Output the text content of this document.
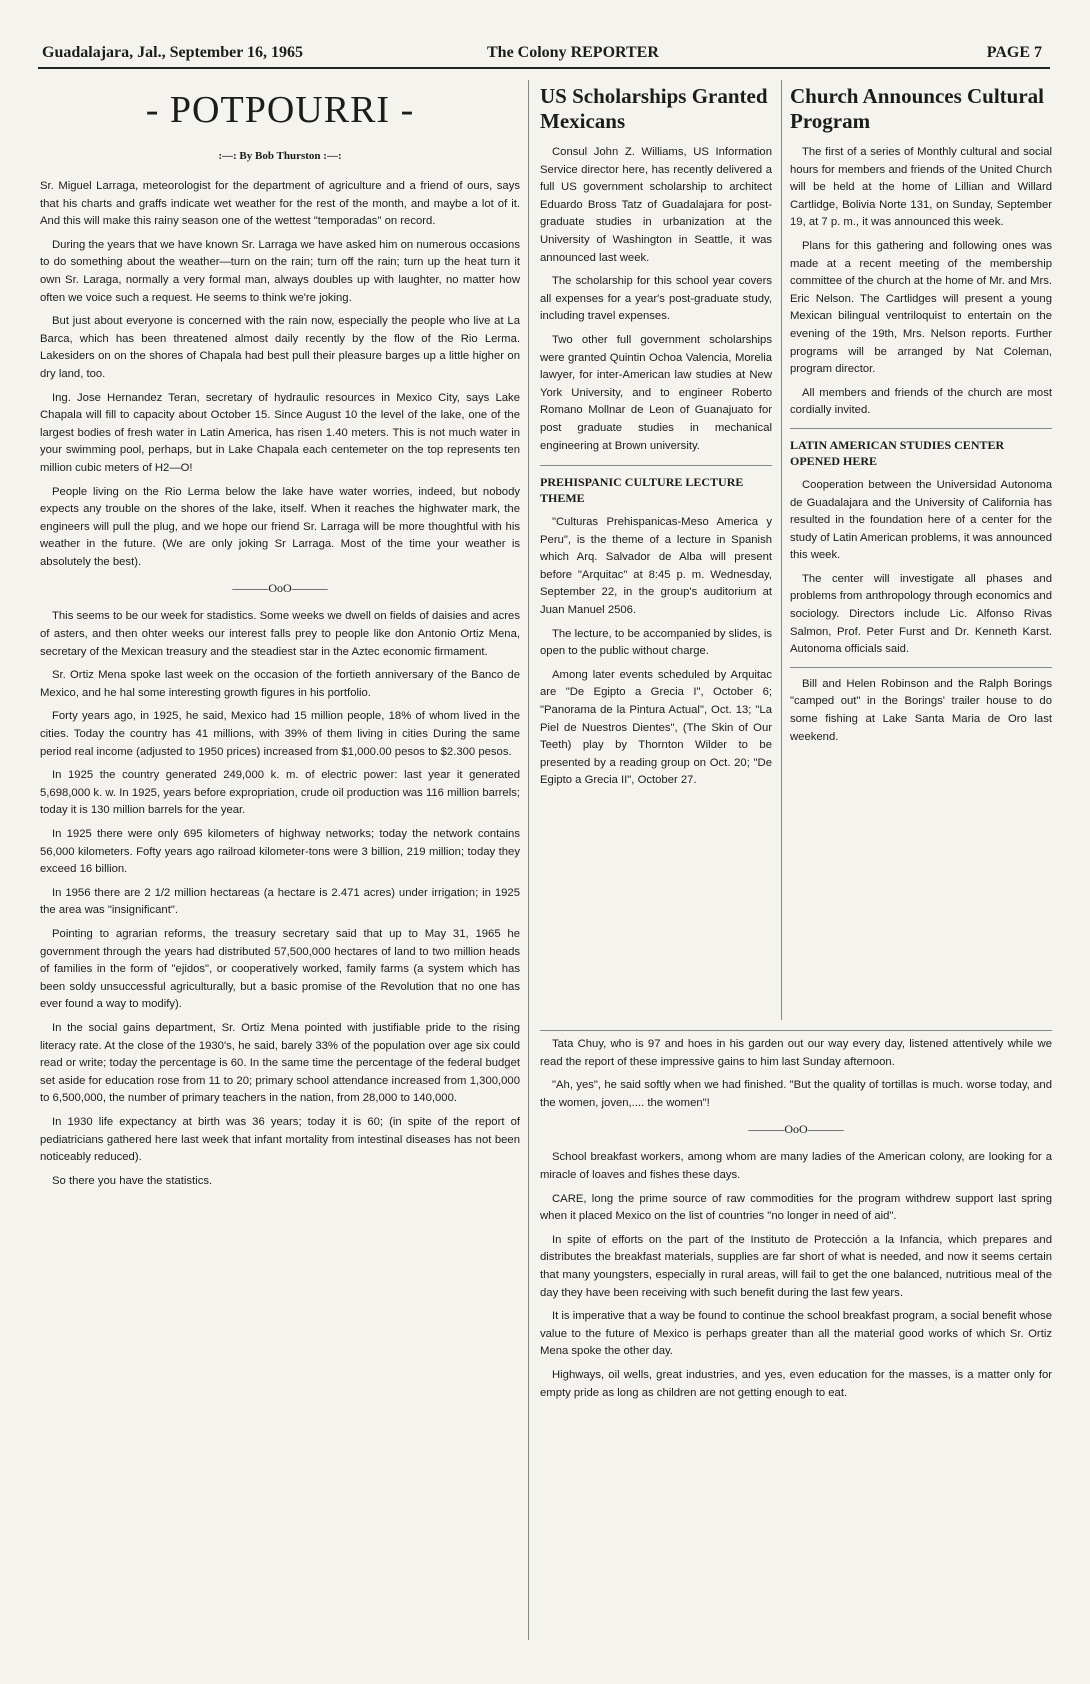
Guadalajara, Jal., September 16, 1965	The Colony REPORTER	PAGE 7
- POTPOURRI -
:—: By Bob Thurston :—:

Sr. Miguel Larraga, meteorologist for the department of agriculture and a friend of ours, says that his charts and graffs indicate wet weather for the rest of the month, and maybe a lot of it. And this will make this rainy season one of the wettest "temporadas" on record.

During the years that we have known Sr. Larraga we have asked him on numerous occasions to do something about the weather—turn on the rain; turn off the rain; turn up the heat turn it own Sr. Laraga, normally a very formal man, always doubles up with laughter, no matter how often we voice such a request. He seems to think we're joking.

But just about everyone is concerned with the rain now, especially the people who live at La Barca, which has been threatened almost daily recently by the flow of the Rio Lerma. Lakesiders on on the shores of Chapala had best pull their pleasure barges up a little higher on dry land, too.

Ing. Jose Hernandez Teran, secretary of hydraulic resources in Mexico City, says Lake Chapala will fill to capacity about October 15. Since August 10 the level of the lake, one of the largest bodies of fresh water in Latin America, has risen 1.40 meters. This is not much water in your swimming pool, perhaps, but in Lake Chapala each centemeter on the top represents ten million cubic meters of H2—O!

People living on the Rio Lerma below the lake have water worries, indeed, but nobody expects any trouble on the shores of the lake, itself. When it reaches the highwater mark, the engineers will pull the plug, and we hope our friend Sr. Larraga will be more thoughtful with his weather in the future. (We are only joking Sr Larraga. Most of the time your weather is absolutely the best).

———OoO———

This seems to be our week for stadistics. Some weeks we dwell on fields of daisies and acres of asters, and then ohter weeks our interest falls prey to people like don Antonio Ortiz Mena, secretary of the Mexican treasury and the steadiest star in the Aztec economic firmament.

Sr. Ortiz Mena spoke last week on the occasion of the fortieth anniversary of the Banco de Mexico, and he hal some interesting growth figures in his portfolio.

Forty years ago, in 1925, he said, Mexico had 15 million people, 18% of whom lived in the cities. Today the country has 41 millions, with 39% of them living in cities During the same period real income (adjusted to 1950 prices) increased from $1,000.00 pesos to $2.300 pesos.

In 1925 the country generated 249,000 k. m. of electric power: last year it generated 5,698,000 k. w. In 1925, years before expropriation, crude oil production was 116 million barrels; today it is 130 million barrels for the year.

In 1925 there were only 695 kilometers of highway networks; today the network contains 56,000 kilometers. Fofty years ago railroad kilometer-tons were 3 billion, 219 million; today they exceed 16 billion.

In 1956 there are 2 1/2 million hectareas (a hectare is 2.471 acres) under irrigation; in 1925 the area was "insignificant".

Pointing to agrarian reforms, the treasury secretary said that up to May 31, 1965 he government through the years had distributed 57,500,000 hectares of land to two million heads of families in the form of "ejidos", or cooperatively worked, family farms (a system which has been soldy unsuccessful agriculturally, but a basic promise of the Revolution that no one has ever found a way to modify).

In the social gains department, Sr. Ortiz Mena pointed with justifiable pride to the rising literacy rate. At the close of the 1930's, he said, barely 33% of the population over age six could read or write; today the percentage is 60. In the same time the percentage of the federal budget set aside for education rose from 11 to 20; primary school attendance increased from 1,300,000 to 6,500,000, the number of primary teachers in the nation, from 28,000 to 140,000.

In 1930 life expectancy at birth was 36 years; today it is 60; (in spite of the report of pediatricians gathered here last week that infant mortality from intestinal diseases has not been noticeably reduced).

So there you have the statistics.

US Scholarships Granted Mexicans

Consul John Z. Williams, US Information Service director here, has recently delivered a full US government scholarship to architect Eduardo Bross Tatz of Guadalajara for post-graduate studies in urbanization at the University of Washington in Seattle, it was announced last week.

The scholarship for this school year covers all expenses for a year's post-graduate study, including travel expenses.

Two other full government scholarships were granted Quintin Ochoa Valencia, Morelia lawyer, for inter-American law studies at New York University, and to engineer Roberto Romano Mollnar de Leon of Guanajuato for post graduate studies in mechanical engineering at Brown university.

PREHISPANIC CULTURE LECTURE THEME

"Culturas Prehispanicas-Meso America y Peru", is the theme of a lecture in Spanish which Arq. Salvador de Alba will present before "Arquitac" at 8:45 p. m. Wednesday, September 22, in the group's auditorium at Juan Manuel 2506.

The lecture, to be accompanied by slides, is open to the public without charge.

Among later events scheduled by Arquitac are "De Egipto a Grecia I", October 6; "Panorama de la Pintura Actual", Oct. 13; "La Piel de Nuestros Dientes", (The Skin of Our Teeth) play by Thornton Wilder to be presented by a reading group on Oct. 20; "De Egipto a Grecia II", October 27.

Church Announces Cultural Program

The first of a series of Monthly cultural and social hours for members and friends of the United Church will be held at the home of Lillian and Willard Cartlidge, Bolivia Norte 131, on Sunday, September 19, at 7 p. m., it was announced this week.

Plans for this gathering and following ones was made at a recent meeting of the membership committee of the church at the home of Mr. and Mrs. Eric Nelson. The Cartlidges will present a young Mexican bilingual ventriloquist to entertain on the evening of the 19th, Mrs. Nelson reports. Further programs will be arranged by Nat Coleman, program director.

All members and friends of the church are most cordially invited.

LATIN AMERICAN STUDIES CENTER OPENED HERE

Cooperation between the Universidad Autonoma de Guadalajara and the University of California has resulted in the foundation here of a center for the study of Latin American problems, it was announced this week.

The center will investigate all phases and problems from anthropology through economics and sociology. Directors include Lic. Alfonso Rivas Salmon, Prof. Peter Furst and Dr. Kenneth Karst. Autonoma officials said.

Bill and Helen Robinson and the Ralph Borings "camped out" in the Borings' trailer house to do some fishing at Lake Santa Maria de Oro last weekend.

Tata Chuy, who is 97 and hoes in his garden out our way every day, listened attentively while we read the report of these impressive gains to him last Sunday afternoon.

"Ah, yes", he said softly when we had finished. "But the quality of tortillas is much. worse today, and the women, joven,.... the women"!

———OoO———

School breakfast workers, among whom are many ladies of the American colony, are looking for a miracle of loaves and fishes these days.

CARE, long the prime source of raw commodities for the program withdrew support last spring when it placed Mexico on the list of countries "no longer in need of aid".

In spite of efforts on the part of the Instituto de Protección a la Infancia, which prepares and distributes the breakfast materials, supplies are far short of what is needed, and now it seems certain that many youngsters, especially in rural areas, will fail to get the one balanced, nutritious meal of the day they have been receiving with such benefit during the last few years.

It is imperative that a way be found to continue the school breakfast program, a social benefit whose value to the future of Mexico is perhaps greater than all the material good works of which Sr. Ortiz Mena spoke the other day.

Highways, oil wells, great industries, and yes, even education for the masses, is a matter only for empty pride as long as children are not getting enough to eat.
